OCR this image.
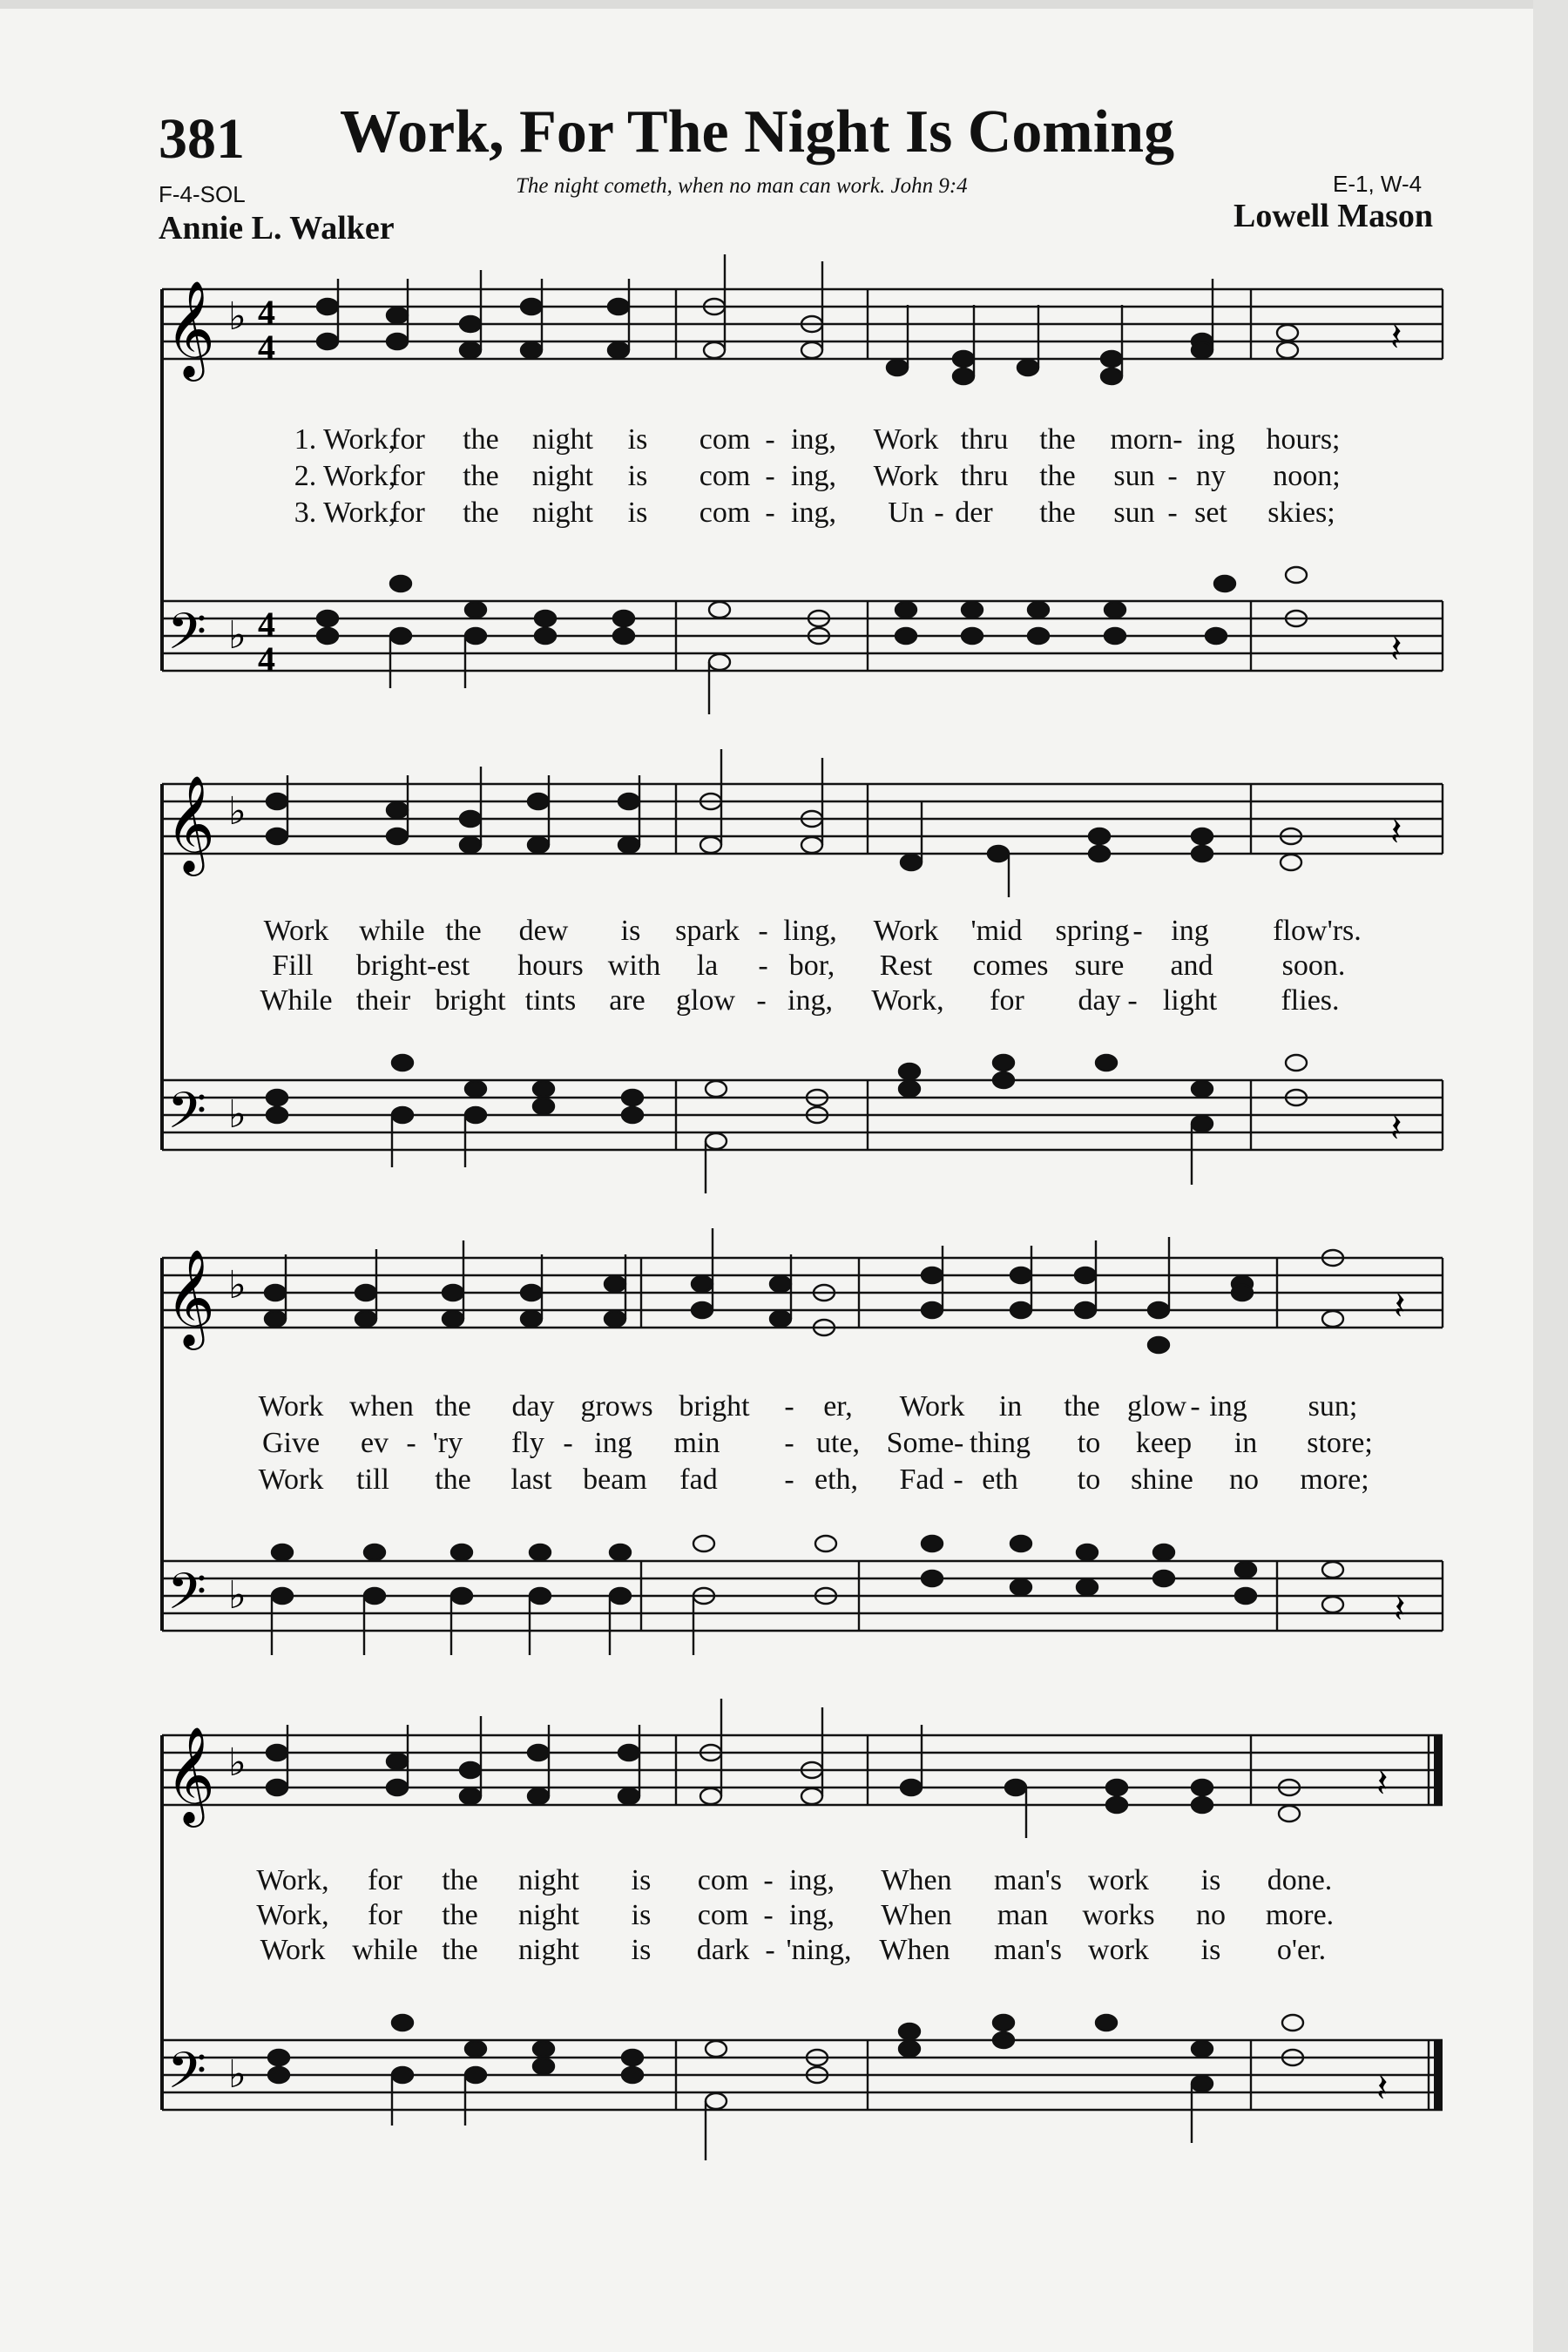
381 Work, For The Night Is Coming
F-4-SOL	The night cometh, when no man can work. John 9:4	E-1, W-4
Annie L. Walker	Lowell Mason
𝄞
𝄢
♭
♭
4
4
4
4
𝄽
𝄽
𝄞
𝄢
♭
♭
𝄽
𝄽
𝄞
𝄢
♭
♭
𝄽
𝄽
𝄞
𝄢
♭
♭
𝄽
𝄽
1. Work,
for the night is com - ing, Work thru the morn- ing hours;
2. Work,
for the night is com - ing, Work thru the sun - ny noon;
3. Work,
for the night is com - ing, Un - der the sun - set skies;
Work while the dew is spark - ling, Work 'mid spring - ing flow'rs.
Fill bright-est hours with la - bor, Rest comes sure and soon.
While their bright tints are glow - ing, Work, for day - light flies.
Work when the day grows bright - er, Work in the glow - ing sun;
Give ev - 'ry fly - ing min - ute, Some- thing to keep in store;
Work till the last beam fad - eth, Fad - eth to shine no more;
Work, for the night is com - ing, When man's work is done.
Work, for the night is com - ing, When man works no more.
Work while the night is dark - 'ning, When man's work is o'er.
